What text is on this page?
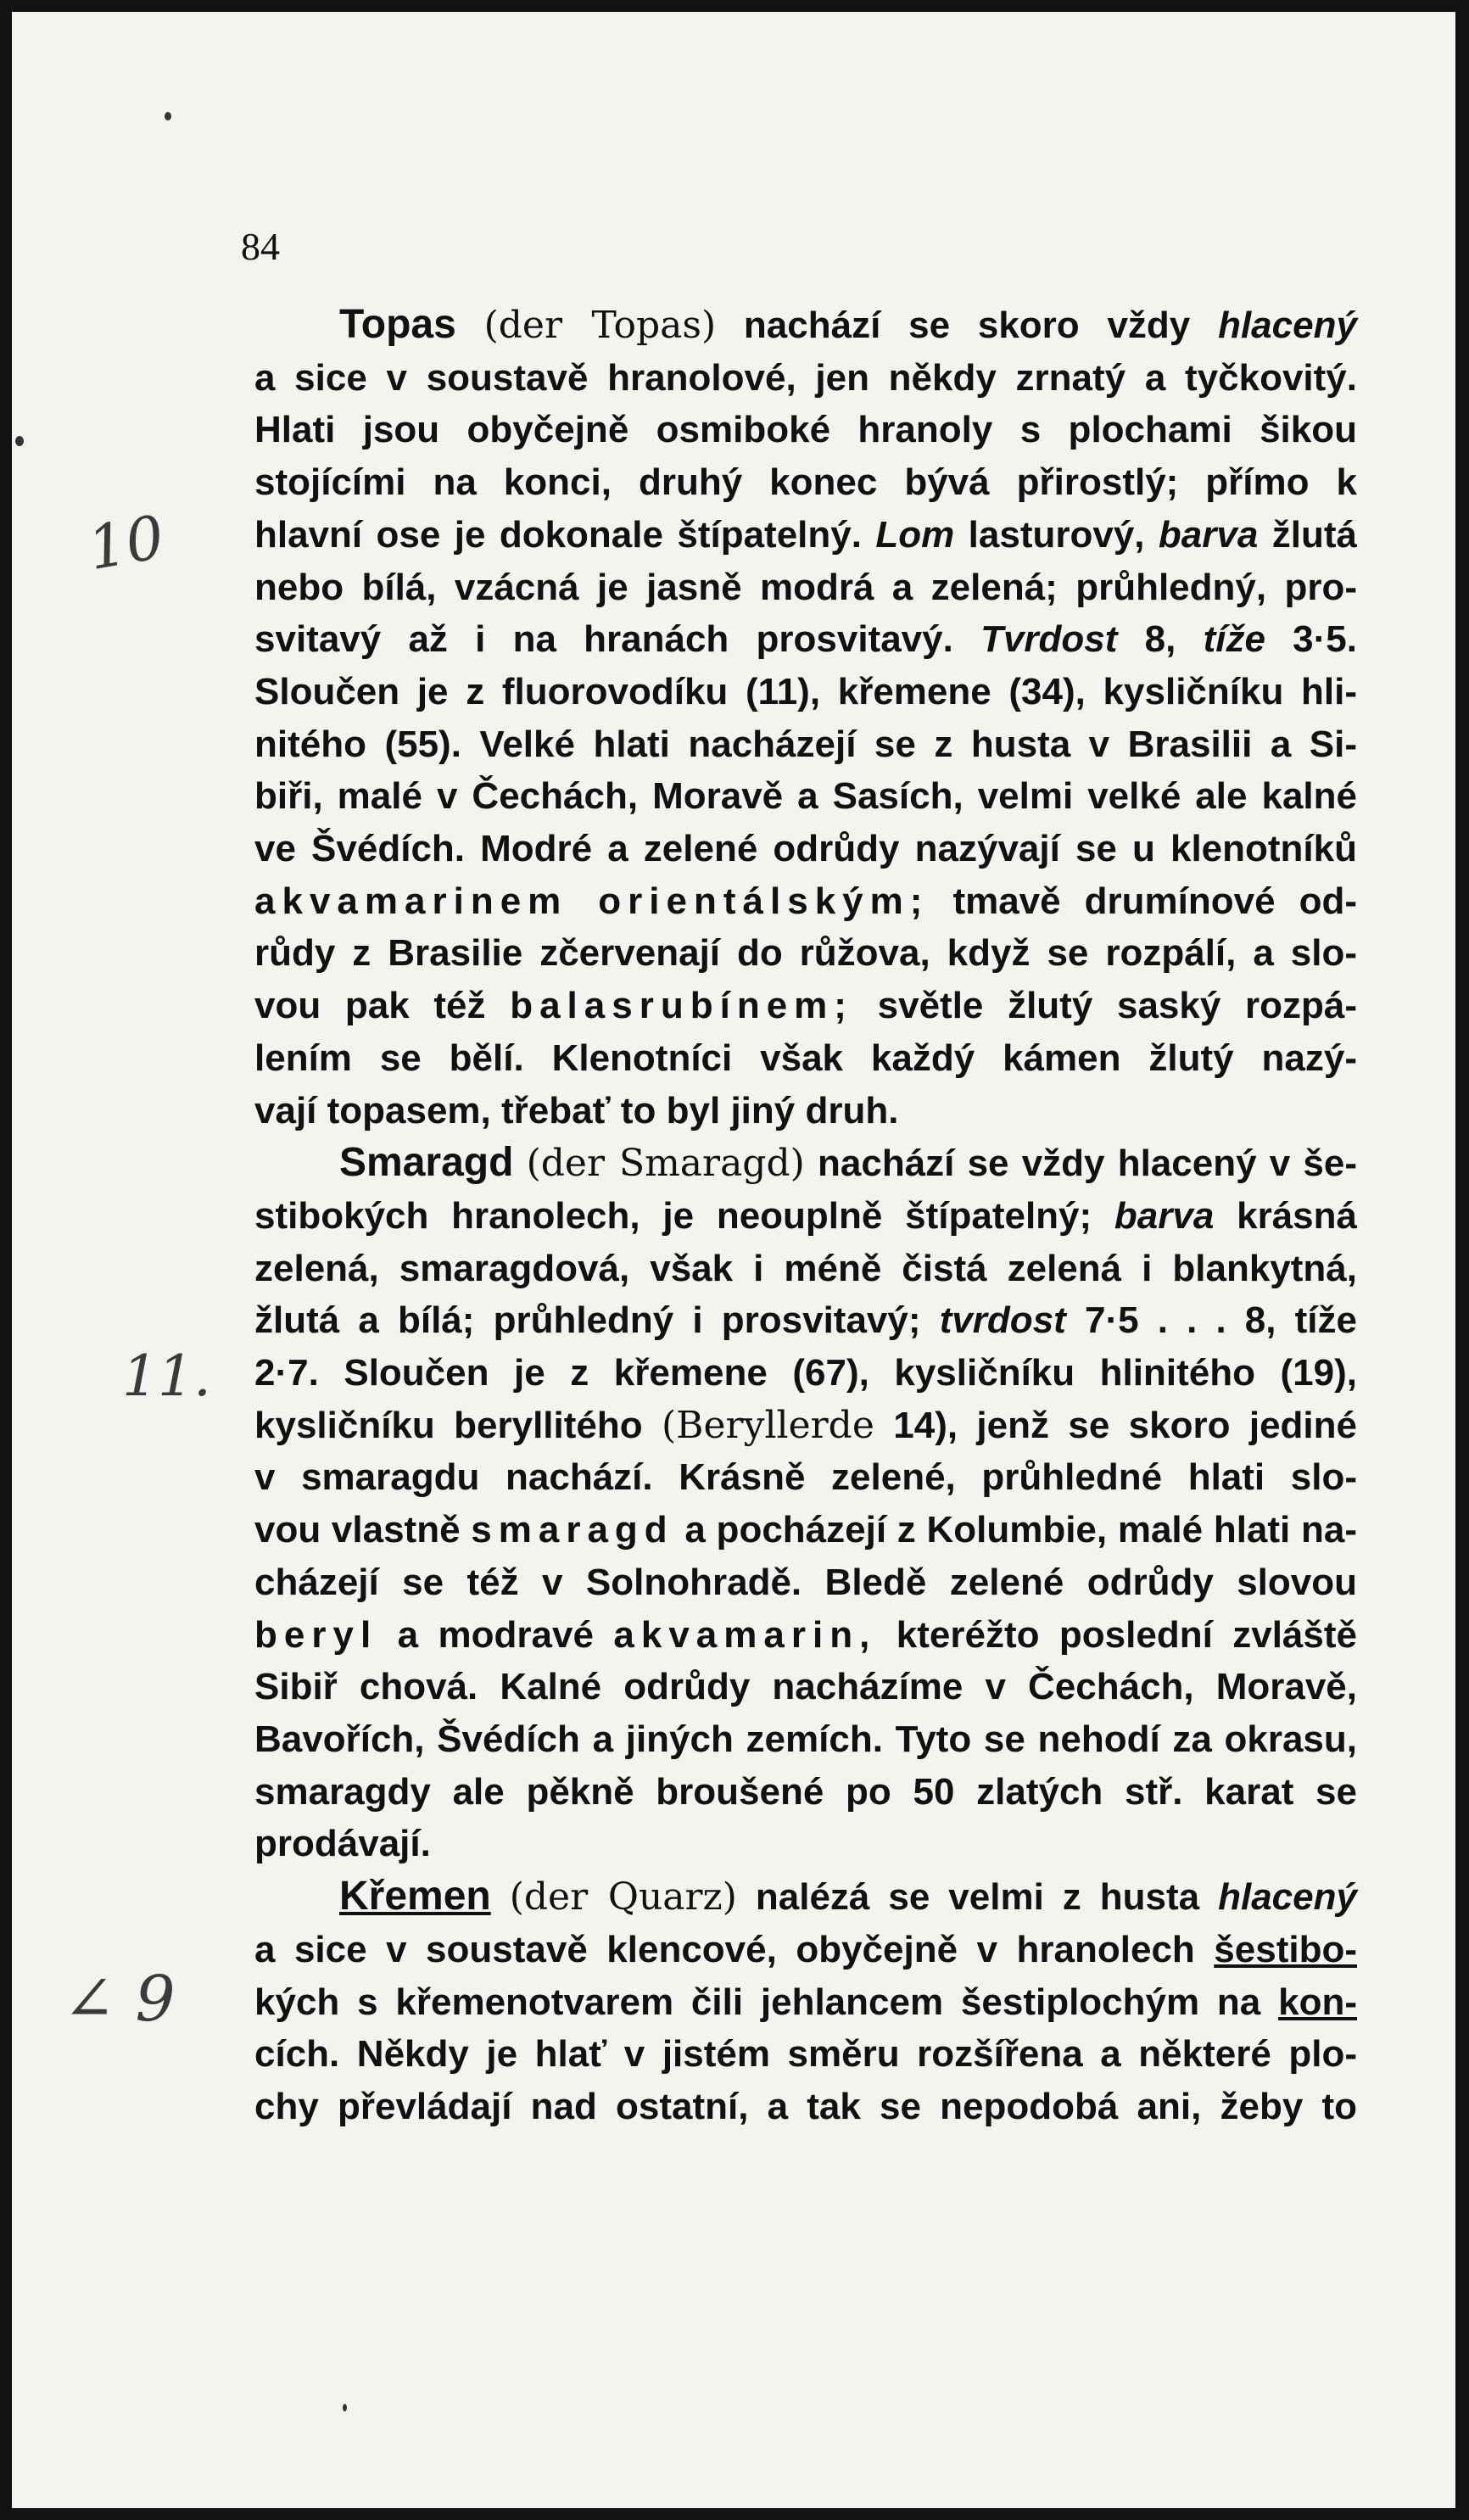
84
10
11.
∠ 9
Topas (der Topas) nachází se skoro vždy hlacený
a sice v soustavě hranolové, jen někdy zrnatý a tyčkovitý.
Hlati jsou obyčejně osmiboké hranoly s plochami šikou
stojícími na konci, druhý konec bývá přirostlý; přímo k
hlavní ose je dokonale štípatelný. Lom lasturový, barva žlutá
nebo bílá, vzácná je jasně modrá a zelená; průhledný, pro-
svitavý až i na hranách prosvitavý. Tvrdost 8, tíže 3·5.
Sloučen je z fluorovodíku (11), křemene (34), kysličníku hli-
nitého (55). Velké hlati nacházejí se z husta v Brasilii a Si-
biři, malé v Čechách, Moravě a Sasích, velmi velké ale kalné
ve Švédích. Modré a zelené odrůdy nazývají se u klenotníků
akvamarinem orientálským; tmavě drumínové od-
růdy z Brasilie zčervenají do růžova, když se rozpálí, a slo-
vou pak též balasrubínem; světle žlutý saský rozpá-
lením se bělí. Klenotníci však každý kámen žlutý nazý-
vají topasem, třebať to byl jiný druh.
Smaragd (der Smaragd) nachází se vždy hlacený v še-
stibokých hranolech, je neouplně štípatelný; barva krásná
zelená, smaragdová, však i méně čistá zelená i blankytná,
žlutá a bílá; průhledný i prosvitavý; tvrdost 7·5 . . . 8, tíže
2·7. Sloučen je z křemene (67), kysličníku hlinitého (19),
kysličníku beryllitého (Beryllerde 14), jenž se skoro jediné
v smaragdu nachází. Krásně zelené, průhledné hlati slo-
vou vlastně smaragd a pocházejí z Kolumbie, malé hlati na-
cházejí se též v Solnohradě. Bledě zelené odrůdy slovou
beryl a modravé akvamarin, kteréžto poslední zvláště
Sibiř chová. Kalné odrůdy nacházíme v Čechách, Moravě,
Bavořích, Švédích a jiných zemích. Tyto se nehodí za okrasu,
smaragdy ale pěkně broušené po 50 zlatých stř. karat se
prodávají.
Křemen (der Quarz) nalézá se velmi z husta hlacený
a sice v soustavě klencové, obyčejně v hranolech šestibo-
kých s křemenotvarem čili jehlancem šestiplochým na kon-
cích. Někdy je hlať v jistém směru rozšířena a některé plo-
chy převládají nad ostatní, a tak se nepodobá ani, žeby to
